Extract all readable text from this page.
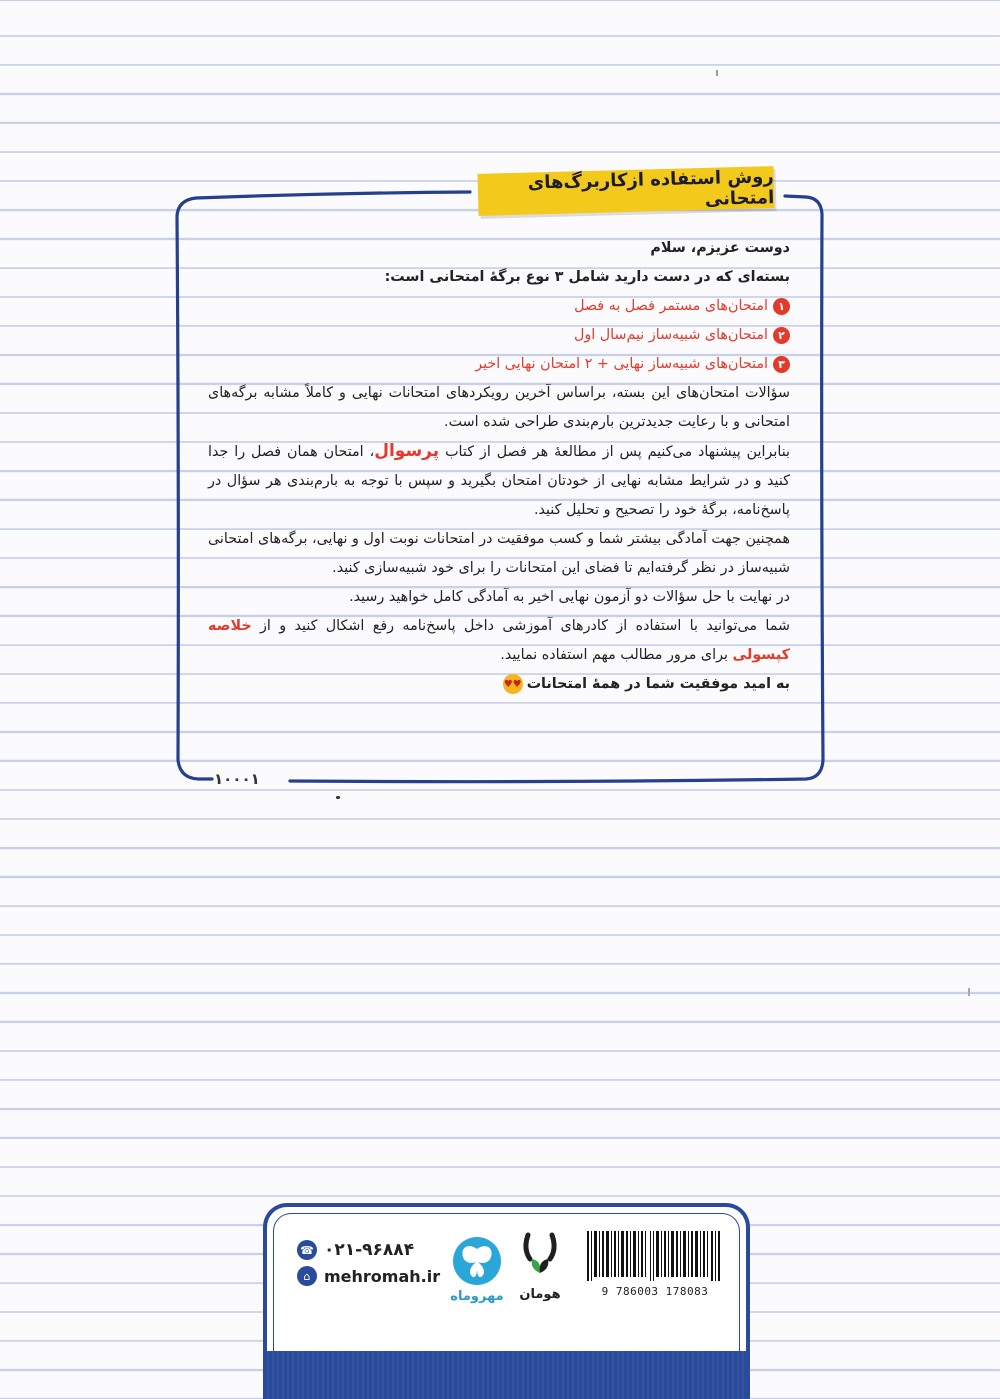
روش استفاده ازکاربرگ‌های امتحانی

دوست عزیزم، سلام

بسته‌ای که در دست دارید شامل ۳ نوع برگهٔ امتحانی است:

۱امتحان‌های مستمر فصل به فصل

۲امتحان‌های شبیه‌ساز نیم‌سال اول

۳امتحان‌های شبیه‌ساز نهایی + ۲ امتحان نهایی اخیر

سؤالات امتحان‌های این بسته، براساس آخرین رویکردهای امتحانات نهایی و کاملاً مشابه برگه‌های امتحانی و با رعایت جدیدترین بارم‌بندی طراحی شده است.

بنابراین پیشنهاد می‌کنیم پس از مطالعهٔ هر فصل از کتاب پرسوال، امتحان همان فصل را جدا کنید و در شرایط مشابه نهایی از خودتان امتحان بگیرید و سپس با توجه به بارم‌بندی هر سؤال در پاسخ‌نامه، برگهٔ خود را تصحیح و تحلیل کنید.

همچنین جهت آمادگی بیشتر شما و کسب موفقیت در امتحانات نوبت اول و نهایی، برگه‌های امتحانی شبیه‌ساز در نظر گرفته‌ایم تا فضای این امتحانات را برای خود شبیه‌سازی کنید.

در نهایت با حل سؤالات دو آزمون نهایی اخیر به آمادگی کامل خواهید رسید.

شما می‌توانید با استفاده از کادرهای آموزشی داخل پاسخ‌نامه رفع اشکال کنید و از خلاصه کپسولی برای مرور مطالب مهم استفاده نمایید.

به امید موفقیت شما در همهٔ امتحانات♥♥

۱۰۰۰۱
☎ ۰۲۱-۹۶۸۸۴
⌂ mehromah.ir
مهروماه	هومان	9 786003 178083
